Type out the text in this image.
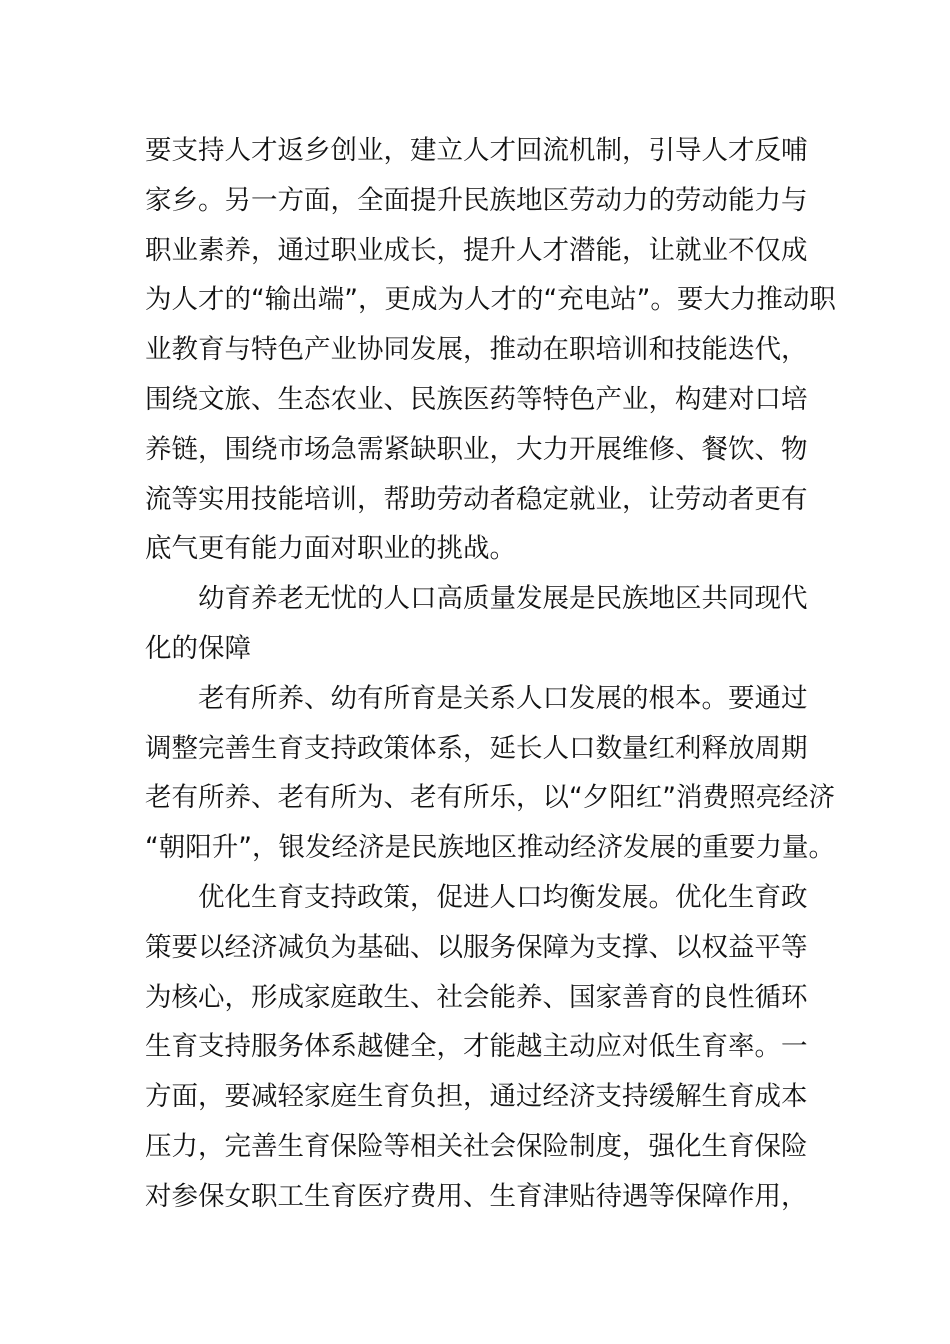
要支持人才返乡创业，建立人才回流机制，引导人才反哺
家乡。另一方面，全面提升民族地区劳动力的劳动能力与
职业素养，通过职业成长，提升人才潜能，让就业不仅成
为人才的“输出端”，更成为人才的“充电站”。要大力推动职
业教育与特色产业协同发展，推动在职培训和技能迭代，
围绕文旅、生态农业、民族医药等特色产业，构建对口培
养链，围绕市场急需紧缺职业，大力开展维修、餐饮、物
流等实用技能培训，帮助劳动者稳定就业，让劳动者更有
底气更有能力面对职业的挑战。
　　幼育养老无忧的人口高质量发展是民族地区共同现代
化的保障
　　老有所养、幼有所育是关系人口发展的根本。要通过
调整完善生育支持政策体系，延长人口数量红利释放周期
老有所养、老有所为、老有所乐，以“夕阳红”消费照亮经济
“朝阳升”，银发经济是民族地区推动经济发展的重要力量。
　　优化生育支持政策，促进人口均衡发展。优化生育政
策要以经济减负为基础、以服务保障为支撑、以权益平等
为核心，形成家庭敢生、社会能养、国家善育的良性循环
生育支持服务体系越健全，才能越主动应对低生育率。一
方面，要减轻家庭生育负担，通过经济支持缓解生育成本
压力，完善生育保险等相关社会保险制度，强化生育保险
对参保女职工生育医疗费用、生育津贴待遇等保障作用，
